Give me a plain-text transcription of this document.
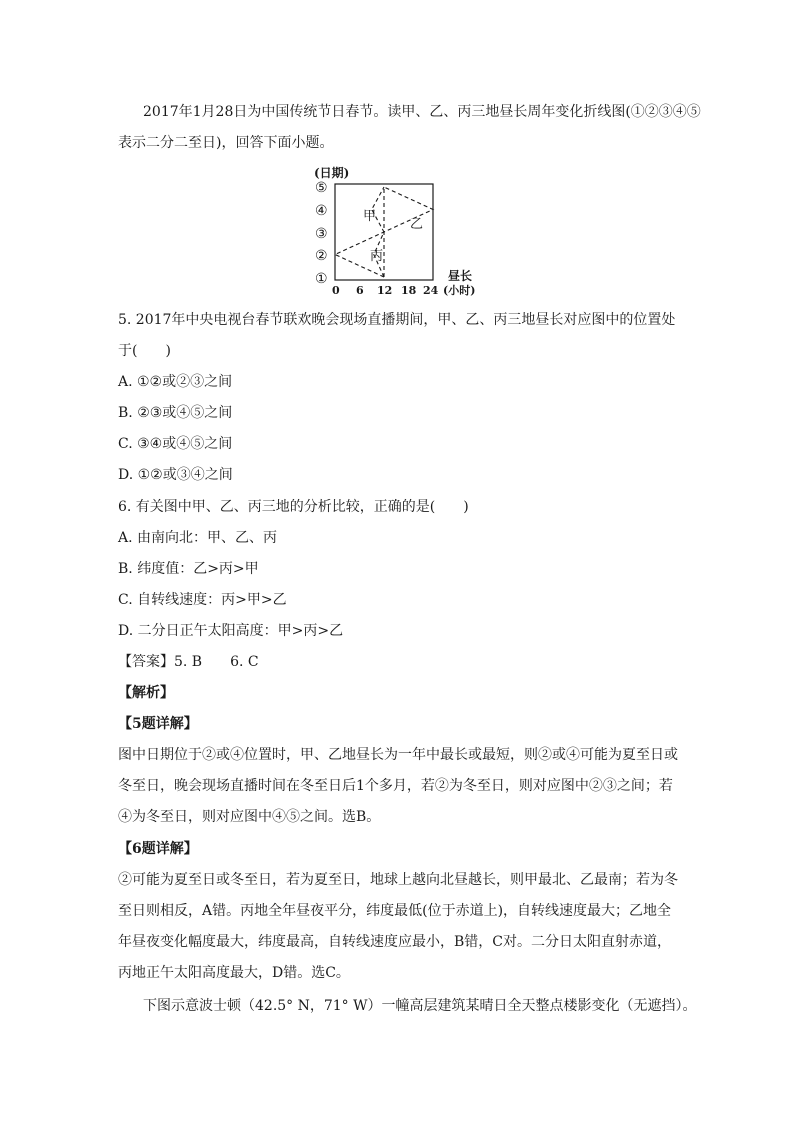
2017年1月28日为中国传统节日春节。读甲、乙、丙三地昼长周年变化折线图(①②③④⑤
表示二分二至日)，回答下面小题。
(日期)
⑤
④
③
②
①
0 6 12 18 24
昼长
(小时)
甲
乙
丙
5. 2017年中央电视台春节联欢晚会现场直播期间，甲、乙、丙三地昼长对应图中的位置处
于(　　)
A. ①②或②③之间
B. ②③或④⑤之间
C. ③④或④⑤之间
D. ①②或③④之间
6. 有关图中甲、乙、丙三地的分析比较，正确的是(　　)
A. 由南向北：甲、乙、丙
B. 纬度值：乙>丙>甲
C. 自转线速度：丙>甲>乙
D. 二分日正午太阳高度：甲>丙>乙
【答案】5. B　　6. C
【解析】
【5题详解】
图中日期位于②或④位置时，甲、乙地昼长为一年中最长或最短，则②或④可能为夏至日或
冬至日，晚会现场直播时间在冬至日后1个多月，若②为冬至日，则对应图中②③之间；若
④为冬至日，则对应图中④⑤之间。选B。
【6题详解】
②可能为夏至日或冬至日，若为夏至日，地球上越向北昼越长，则甲最北、乙最南；若为冬
至日则相反，A错。丙地全年昼夜平分，纬度最低(位于赤道上)，自转线速度最大；乙地全
年昼夜变化幅度最大，纬度最高，自转线速度应最小，B错，C对。二分日太阳直射赤道，
丙地正午太阳高度最大，D错。选C。
下图示意波士顿（42.5° N，71° W）一幢高层建筑某晴日全天整点楼影变化（无遮挡）。
